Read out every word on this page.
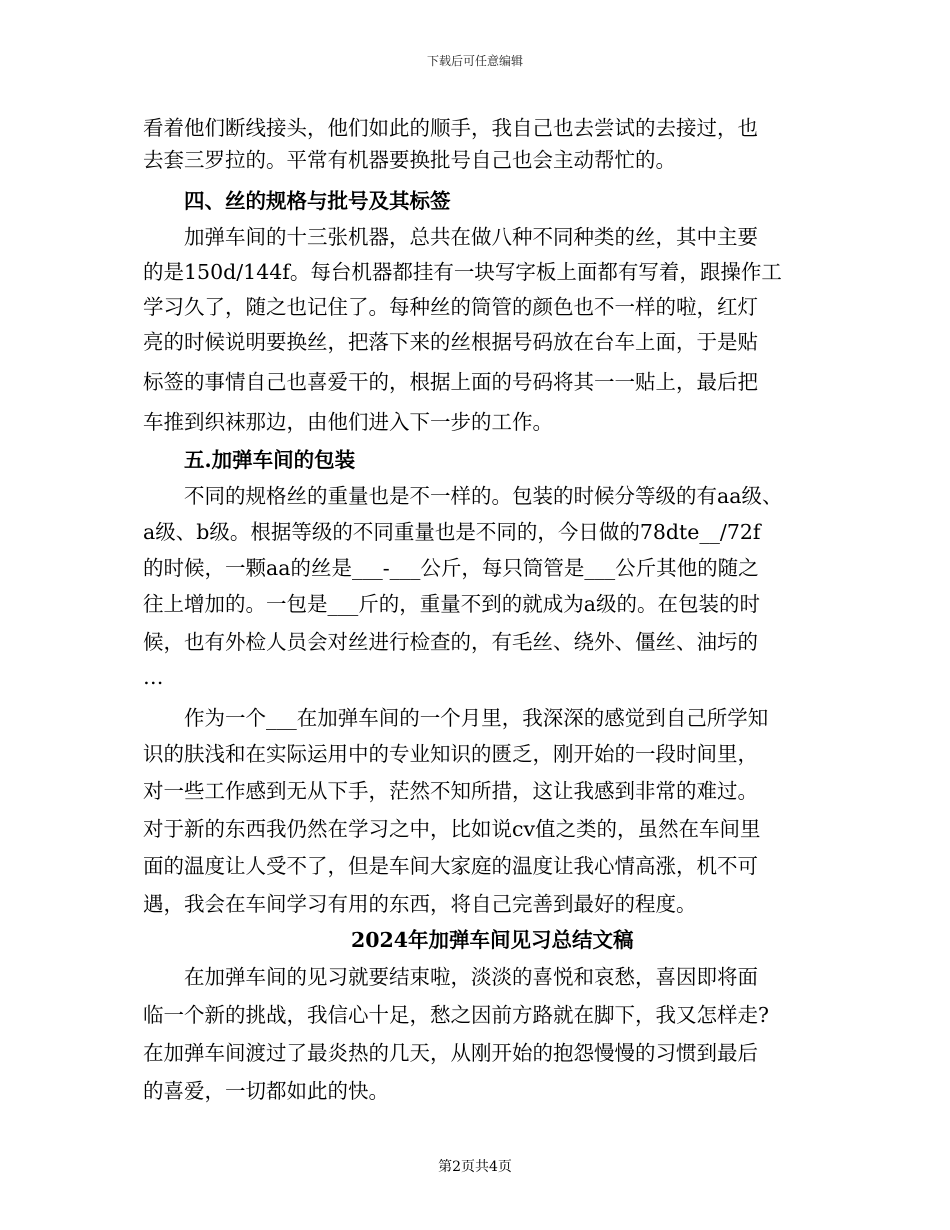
下载后可任意编辑
看着他们断线接头，他们如此的顺手，我自己也去尝试的去接过，也
去套三罗拉的。平常有机器要换批号自己也会主动帮忙的。
四、丝的规格与批号及其标签
加弹车间的十三张机器，总共在做八种不同种类的丝，其中主要
的是150d/144f。每台机器都挂有一块写字板上面都有写着，跟操作工
学习久了，随之也记住了。每种丝的筒管的颜色也不一样的啦，红灯
亮的时候说明要换丝，把落下来的丝根据号码放在台车上面，于是贴
标签的事情自己也喜爱干的，根据上面的号码将其一一贴上，最后把
车推到织袜那边，由他们进入下一步的工作。
五.加弹车间的包装
不同的规格丝的重量也是不一样的。包装的时候分等级的有aa级、
a级、b级。根据等级的不同重量也是不同的，今日做的78dte__/72f
的时候，一颗aa的丝是___-___公斤，每只筒管是___公斤其他的随之
往上增加的。一包是___斤的，重量不到的就成为a级的。在包装的时
候，也有外检人员会对丝进行检查的，有毛丝、绕外、僵丝、油圬的
…
作为一个___在加弹车间的一个月里，我深深的感觉到自己所学知
识的肤浅和在实际运用中的专业知识的匮乏，刚开始的一段时间里，
对一些工作感到无从下手，茫然不知所措，这让我感到非常的难过。
对于新的东西我仍然在学习之中，比如说cv值之类的，虽然在车间里
面的温度让人受不了，但是车间大家庭的温度让我心情高涨，机不可
遇，我会在车间学习有用的东西，将自己完善到最好的程度。
2024年加弹车间见习总结文稿
在加弹车间的见习就要结束啦，淡淡的喜悦和哀愁，喜因即将面
临一个新的挑战，我信心十足，愁之因前方路就在脚下，我又怎样走?
在加弹车间渡过了最炎热的几天，从刚开始的抱怨慢慢的习惯到最后
的喜爱，一切都如此的快。
第2页共4页
